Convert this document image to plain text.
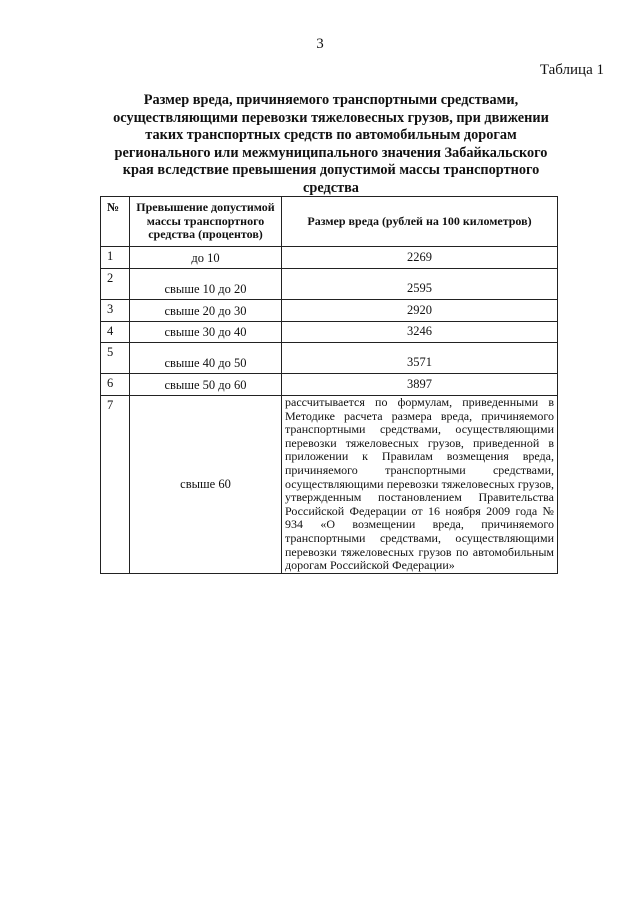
3
Таблица 1
Размер вреда, причиняемого транспортными средствами, осуществляющими перевозки тяжеловесных грузов, при движении таких транспортных средств по автомобильным дорогам регионального или межмуниципального значения Забайкальского края вследствие превышения допустимой массы транспортного средства
№	Превышение допустимой массы транспортного средства (процентов)	Размер вреда (рублей на 100 километров)
1	до 10	2269
2	свыше 10 до 20	2595
3	свыше 20 до 30	2920
4	свыше 30 до 40	3246
5	свыше 40 до 50	3571
6	свыше 50 до 60	3897
7	свыше 60	рассчитывается по формулам, приведенными в Методике расчета размера вреда, причиняемого транспортными средствами, осуществляющими перевозки тяжеловесных грузов, приведенной в приложении к Правилам возмещения вреда, причиняемого транспортными средствами, осуществляющими перевозки тяжеловесных грузов, утвержденным постановлением Правительства Российской Федерации от 16 ноября 2009 года № 934 «О возмещении вреда, причиняемого транспортными средствами, осуществляющими перевозки тяжеловесных грузов по автомобильным дорогам Российской Федерации»
